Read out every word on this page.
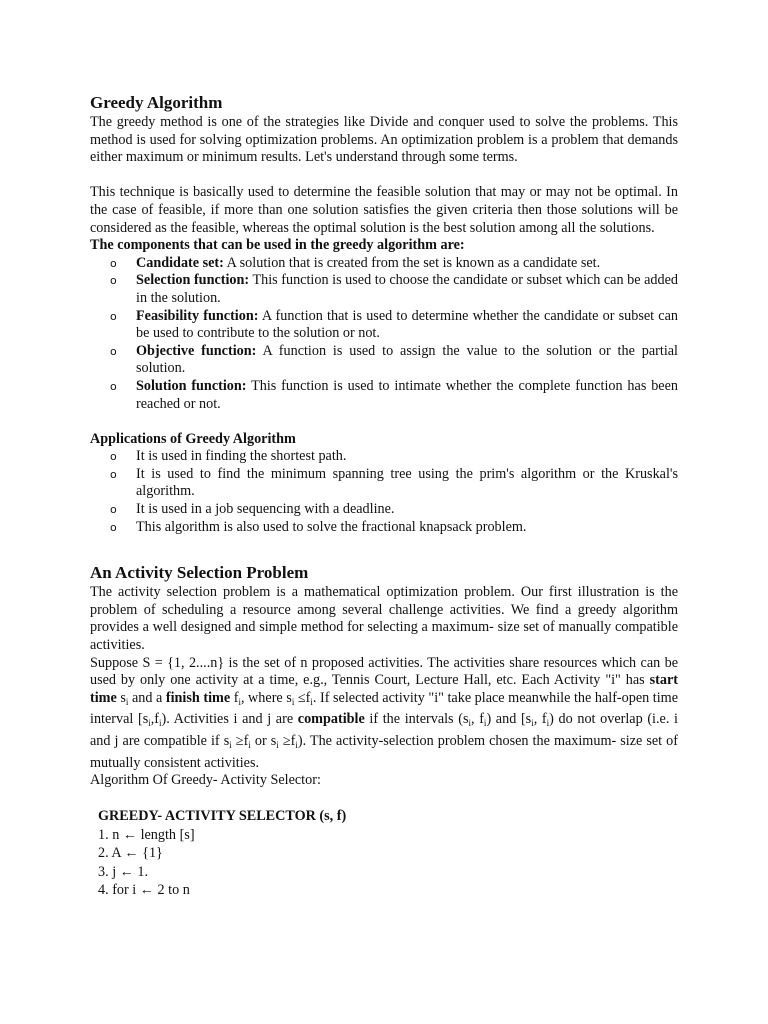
Greedy Algorithm

The greedy method is one of the strategies like Divide and conquer used to solve the problems. This method is used for solving optimization problems. An optimization problem is a problem that demands either maximum or minimum results. Let's understand through some terms.

This technique is basically used to determine the feasible solution that may or may not be optimal. In the case of feasible, if more than one solution satisfies the given criteria then those solutions will be considered as the feasible, whereas the optimal solution is the best solution among all the solutions.

The components that can be used in the greedy algorithm are:

o Candidate set: A solution that is created from the set is known as a candidate set.
o Selection function: This function is used to choose the candidate or subset which can be added in the solution.
o Feasibility function: A function that is used to determine whether the candidate or subset can be used to contribute to the solution or not.
o Objective function: A function is used to assign the value to the solution or the partial solution.
o Solution function: This function is used to intimate whether the complete function has been reached or not.

Applications of Greedy Algorithm

o It is used in finding the shortest path.
o It is used to find the minimum spanning tree using the prim's algorithm or the Kruskal's algorithm.
o It is used in a job sequencing with a deadline.
o This algorithm is also used to solve the fractional knapsack problem.
An Activity Selection Problem

The activity selection problem is a mathematical optimization problem. Our first illustration is the problem of scheduling a resource among several challenge activities. We find a greedy algorithm provides a well designed and simple method for selecting a maximum- size set of manually compatible activities.

Suppose S = {1, 2....n} is the set of n proposed activities. The activities share resources which can be used by only one activity at a time, e.g., Tennis Court, Lecture Hall, etc. Each Activity "i" has start time $s_i$ and a finish time $f_i$, where $s_i \le f_i$. If selected activity "i" take place meanwhile the half-open time interval $[s_i,f_i)$. Activities i and j are compatible if the intervals ($s_i$, $f_i$) and [$s_i$, $f_i$) do not overlap (i.e. i and j are compatible if $s_i \ge f_i$ or $s_i \ge f_i$). The activity-selection problem chosen the maximum- size set of mutually consistent activities.

Algorithm Of Greedy- Activity Selector:

GREEDY- ACTIVITY SELECTOR (s, f)
1. n ← length [s]
2. A ← {1}
3. j ← 1.
4. for i ← 2 to n
